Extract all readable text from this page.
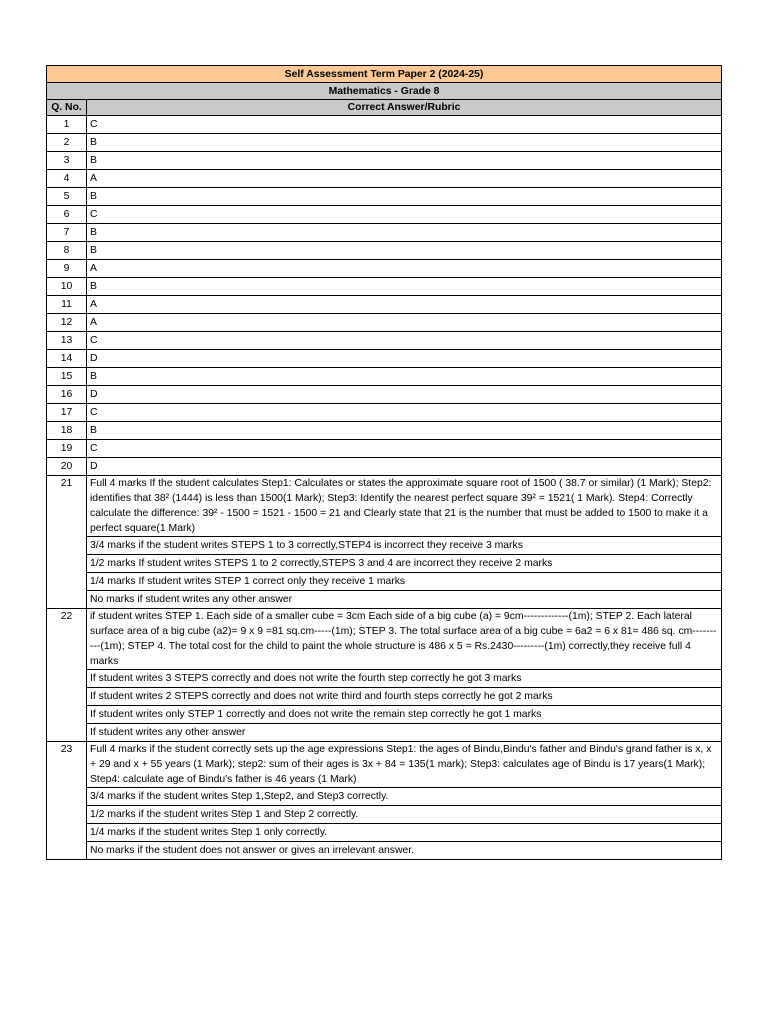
Self Assessment Term Paper 2 (2024-25)	
Mathematics - Grade 8	
Q. No.	Correct Answer/Rubric
1	C
2	B
3	B
4	A
5	B
6	C
7	B
8	B
9	A
10	B
11	A
12	A
13	C
14	D
15	B
16	D
17	C
18	B
19	C
20	D
21	Full 4 marks If the student calculates Step1: Calculates or states the approximate square root of 1500 ( 38.7 or similar) (1 Mark); Step2: identifies that 38² (1444) is less than 1500(1 Mark); Step3: Identify the nearest perfect square 39² = 1521( 1 Mark). Step4: Correctly calculate the difference: 39² - 1500 = 1521 - 1500 = 21 and Clearly state that 21 is the number that must be added to 1500 to make it a perfect square(1 Mark)
	3/4 marks if the student writes STEPS 1 to 3 correctly,STEP4 is incorrect they receive 3 marks
	1/2 marks If student writes STEPS 1 to 2 correctly,STEPS 3 and 4 are incorrect they receive 2 marks
	1/4 marks If student writes STEP 1 correct only they receive 1 marks
	No marks if student writes any other answer
22	if student writes STEP 1. Each side of a smaller cube = 3cm Each side of a big cube (a) = 9cm-------------(1m); STEP 2. Each lateral surface area of a big cube (a2)= 9 x 9 =81 sq.cm-----(1m); STEP 3. The total surface area of a big cube = 6a2 = 6 x 81= 486 sq. cm----------(1m); STEP 4. The total cost for the child to paint the whole structure is 486 x 5 = Rs.2430---------(1m) correctly,they receive full 4 marks
	If student writes 3 STEPS correctly and does not write the fourth step correctly he got 3 marks
	If student writes 2 STEPS correctly and does not write third and fourth steps correctly he got 2 marks
	If student writes only STEP 1 correctly and does not write the remain step correctly he got 1 marks
	If student writes any other answer
23	Full 4 marks if the student correctly sets up the age expressions Step1: the ages of Bindu,Bindu's father and Bindu's grand father is x, x + 29 and x + 55 years (1 Mark); step2: sum of their ages is 3x + 84 = 135(1 mark); Step3: calculates age of Bindu is 17 years(1 Mark); Step4: calculate age of Bindu's father is 46 years (1 Mark)
	3/4 marks if the student writes Step 1,Step2, and Step3 correctly.
	1/2 marks if the student writes Step 1 and Step 2 correctly.
	1/4 marks if the student writes Step 1 only correctly.
	No marks if the student does not answer or gives an irrelevant answer.
